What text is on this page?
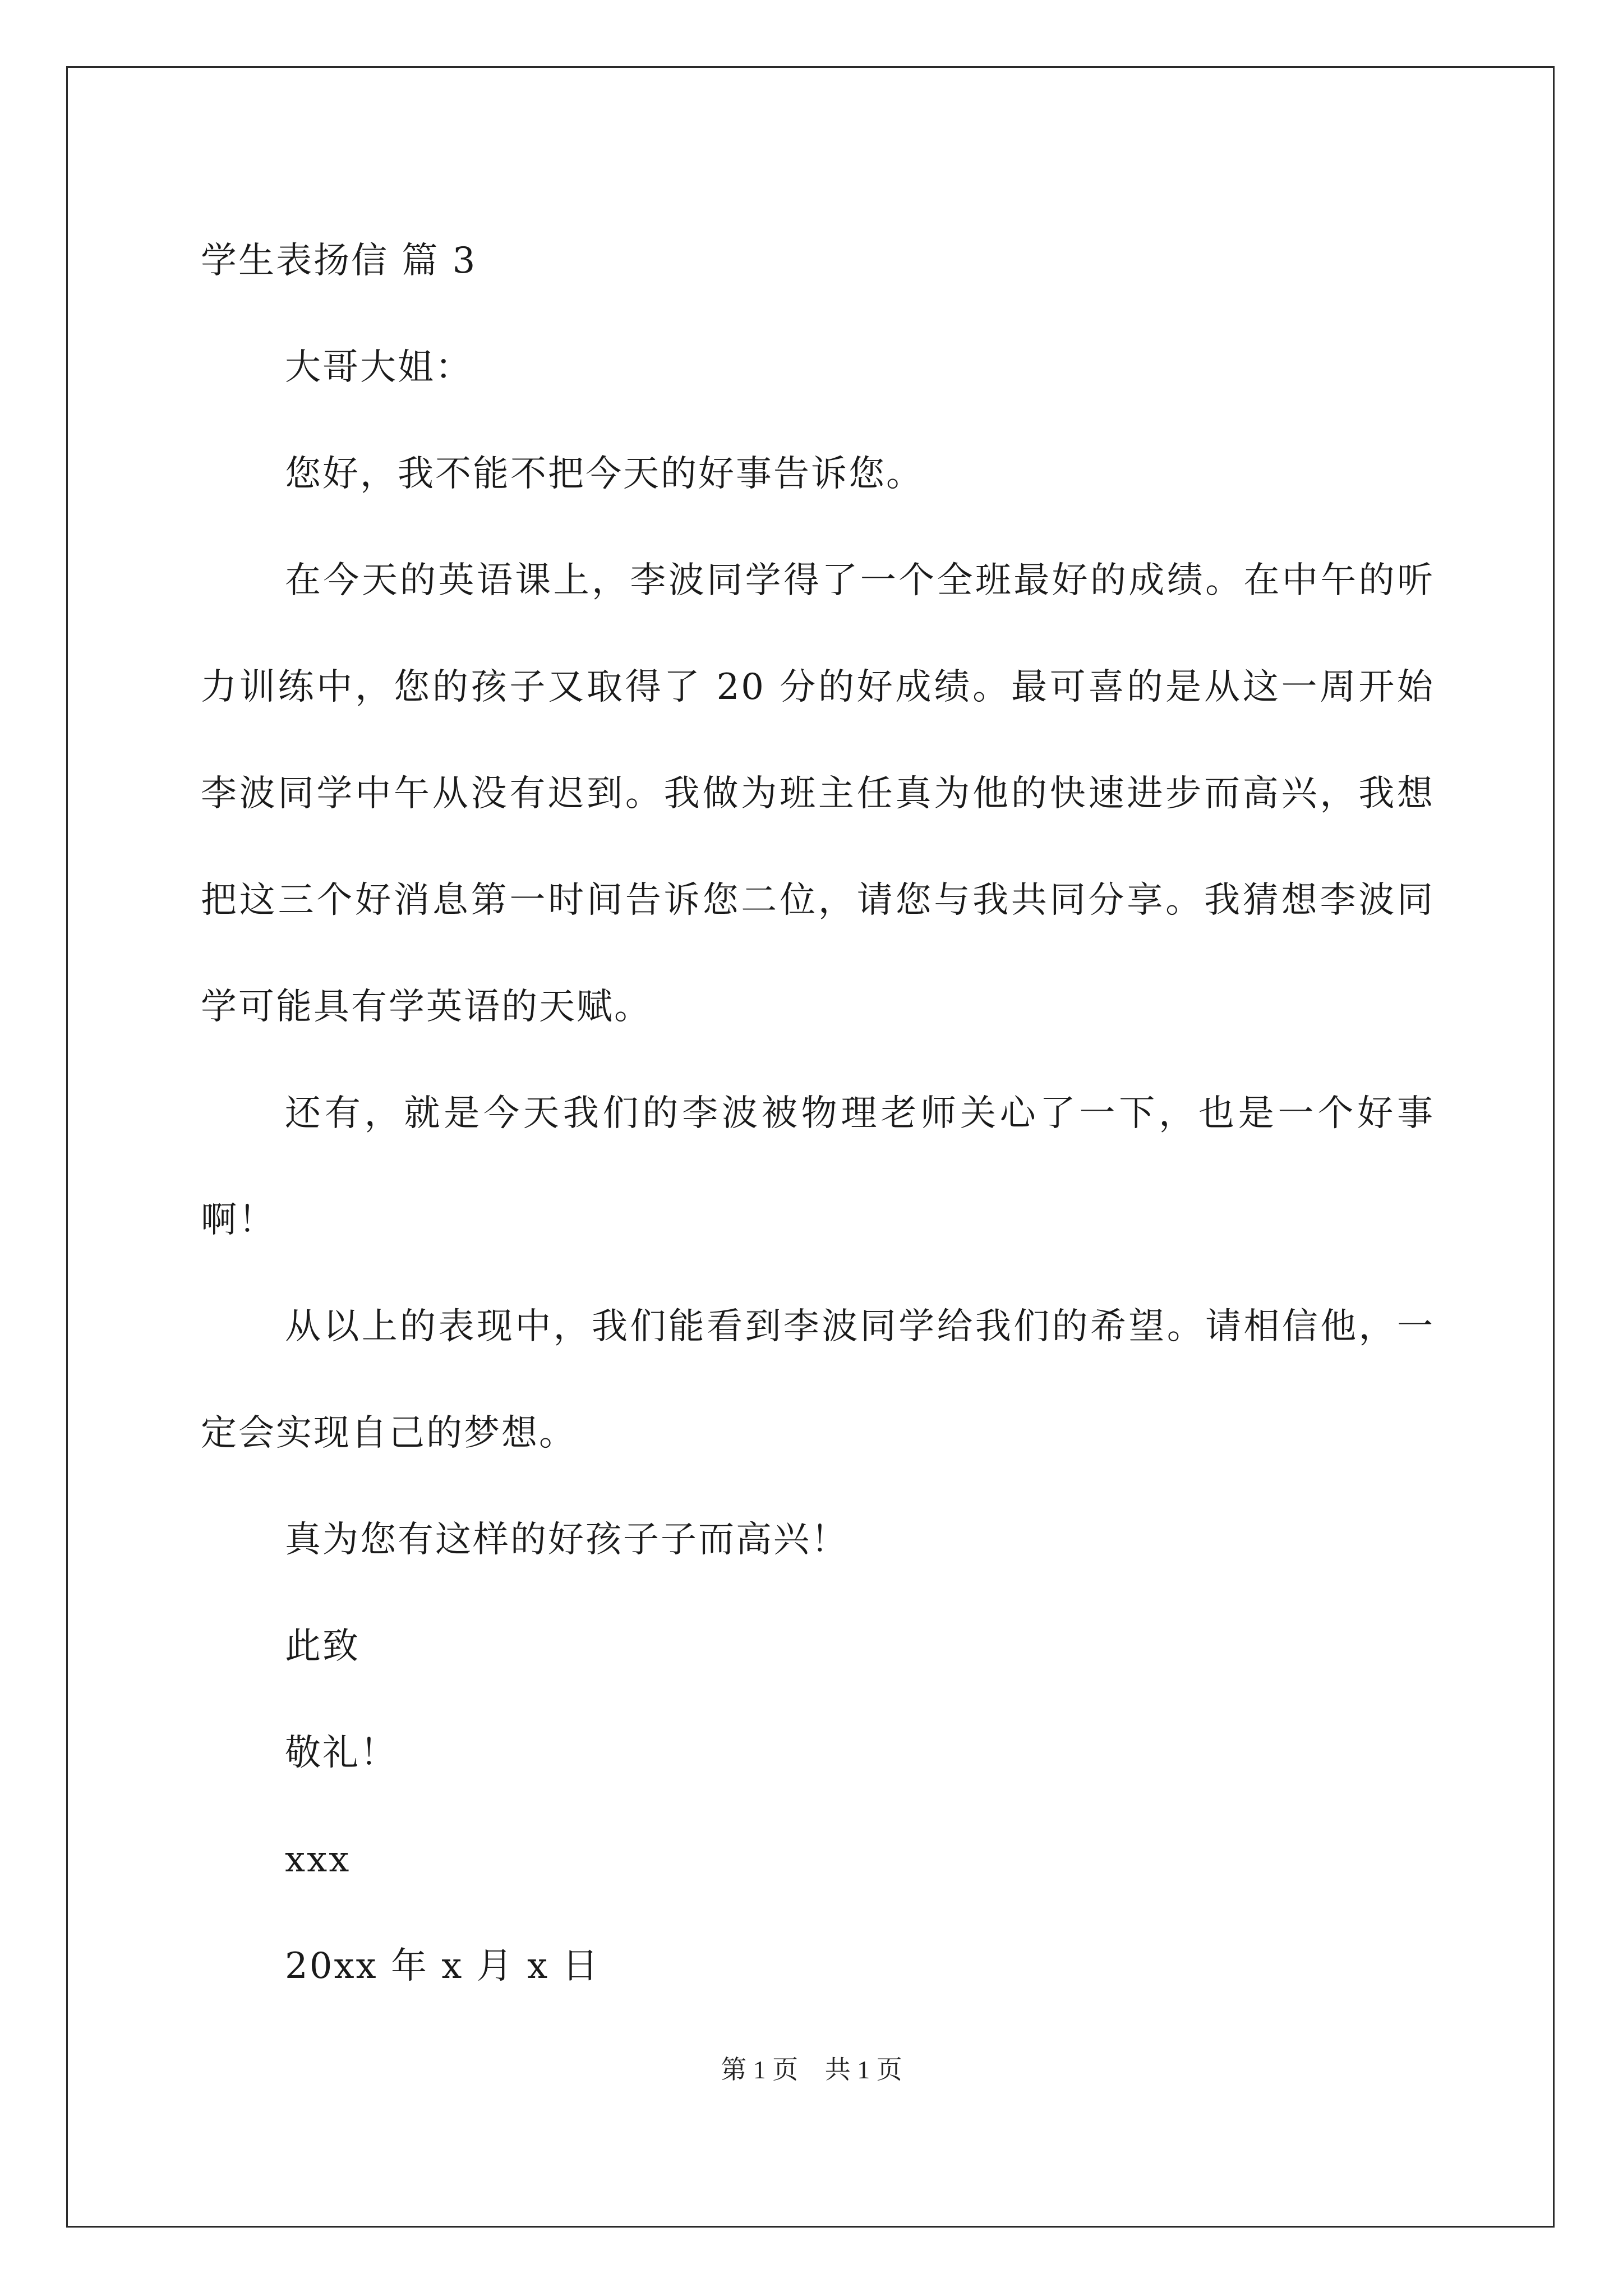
学生表扬信 篇 3

大哥大姐：

您好，我不能不把今天的好事告诉您。

在今天的英语课上，李波同学得了一个全班最好的成绩。在中午的听力训练中，您的孩子又取得了 20 分的好成绩。最可喜的是从这一周开始李波同学中午从没有迟到。我做为班主任真为他的快速进步而高兴，我想把这三个好消息第一时间告诉您二位，请您与我共同分享。我猜想李波同学可能具有学英语的天赋。

还有，就是今天我们的李波被物理老师关心了一下，也是一个好事啊！

从以上的表现中，我们能看到李波同学给我们的希望。请相信他，一定会实现自己的梦想。

真为您有这样的好孩子子而高兴！

此致

敬礼！

xxx

20xx 年 x 月 x 日

第 1 页 共 1 页
